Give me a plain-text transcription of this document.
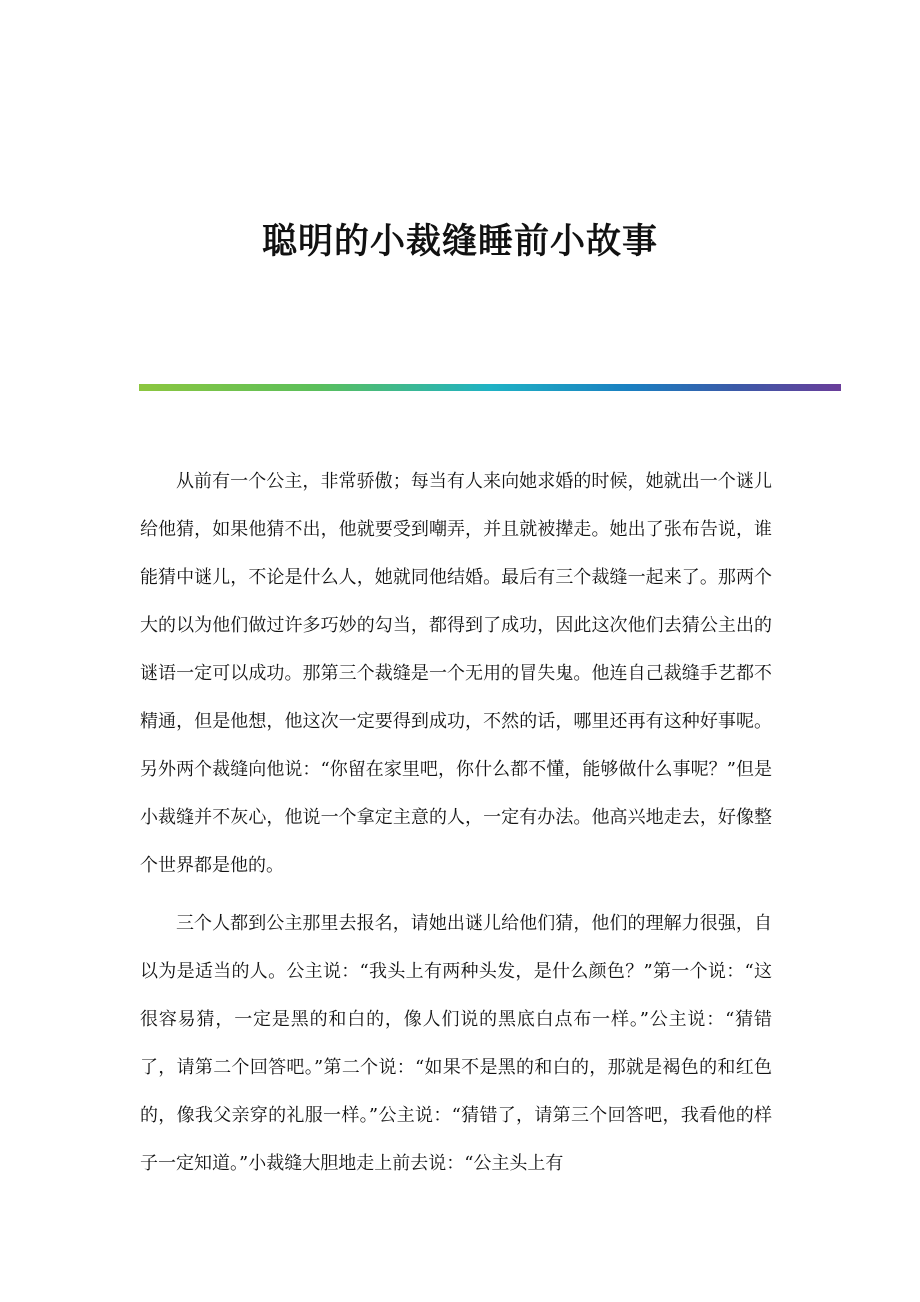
聪明的小裁缝睡前小故事

从前有一个公主，非常骄傲；每当有人来向她求婚的时候，她就出一个谜儿给他猜，如果他猜不出，他就要受到嘲弄，并且就被撵走。她出了张布告说，谁能猜中谜儿，不论是什么人，她就同他结婚。最后有三个裁缝一起来了。那两个大的以为他们做过许多巧妙的勾当，都得到了成功，因此这次他们去猜公主出的谜语一定可以成功。那第三个裁缝是一个无用的冒失鬼。他连自己裁缝手艺都不精通，但是他想，他这次一定要得到成功，不然的话，哪里还再有这种好事呢。另外两个裁缝向他说：“你留在家里吧，你什么都不懂，能够做什么事呢？”但是小裁缝并不灰心，他说一个拿定主意的人，一定有办法。他高兴地走去，好像整个世界都是他的。

三个人都到公主那里去报名，请她出谜儿给他们猜，他们的理解力很强，自以为是适当的人。公主说：“我头上有两种头发，是什么颜色？”第一个说：“这很容易猜，一定是黑的和白的，像人们说的黑底白点布一样。”公主说：“猜错了，请第二个回答吧。”第二个说：“如果不是黑的和白的，那就是褐色的和红色的，像我父亲穿的礼服一样。”公主说：“猜错了，请第三个回答吧，我看他的样子一定知道。”小裁缝大胆地走上前去说：“公主头上有
